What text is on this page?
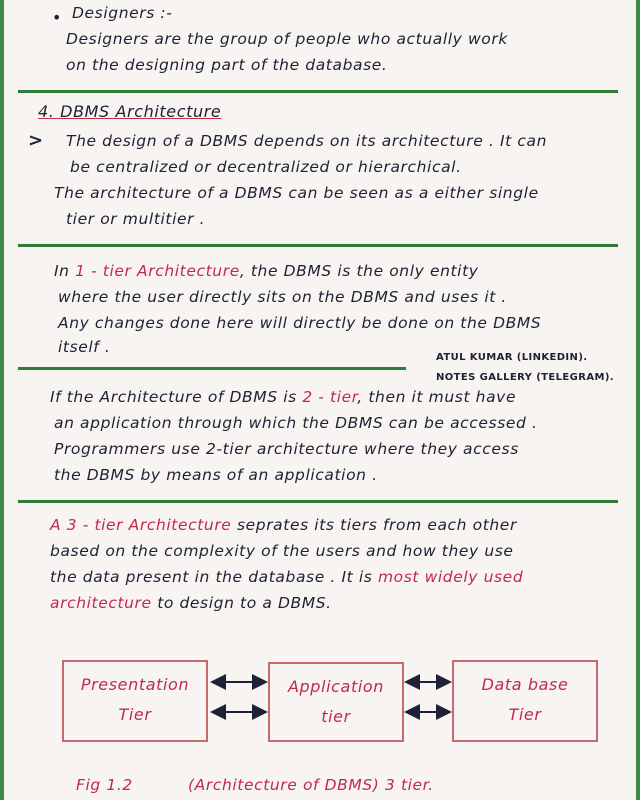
• Designers :-
Designers are the group of people who actually work
on the designing part of the database.
4. DBMS Architecture
> The design of a DBMS depends on its architecture . It can
be centralized or decentralized or hierarchical.
The architecture of a DBMS can be seen as a either single
tier or multitier .
In 1 - tier Architecture, the DBMS is the only entity
where the user directly sits on the DBMS and uses it .
Any changes done here will directly be done on the DBMS
itself .
ATUL KUMAR (LINKEDIN).
NOTES GALLERY (TELEGRAM).
If the Architecture of DBMS is 2 - tier, then it must have
an application through which the DBMS can be accessed .
Programmers use 2-tier architecture where they access
the DBMS by means of an application .
A 3 - tier Architecture seprates its tiers from each other
based on the complexity of the users and how they use
the data present in the database . It is most widely used
architecture to design to a DBMS.
Presentation
Tier
Application
tier
Data base
Tier
Fig 1.2	(Architecture of DBMS) 3 tier.
